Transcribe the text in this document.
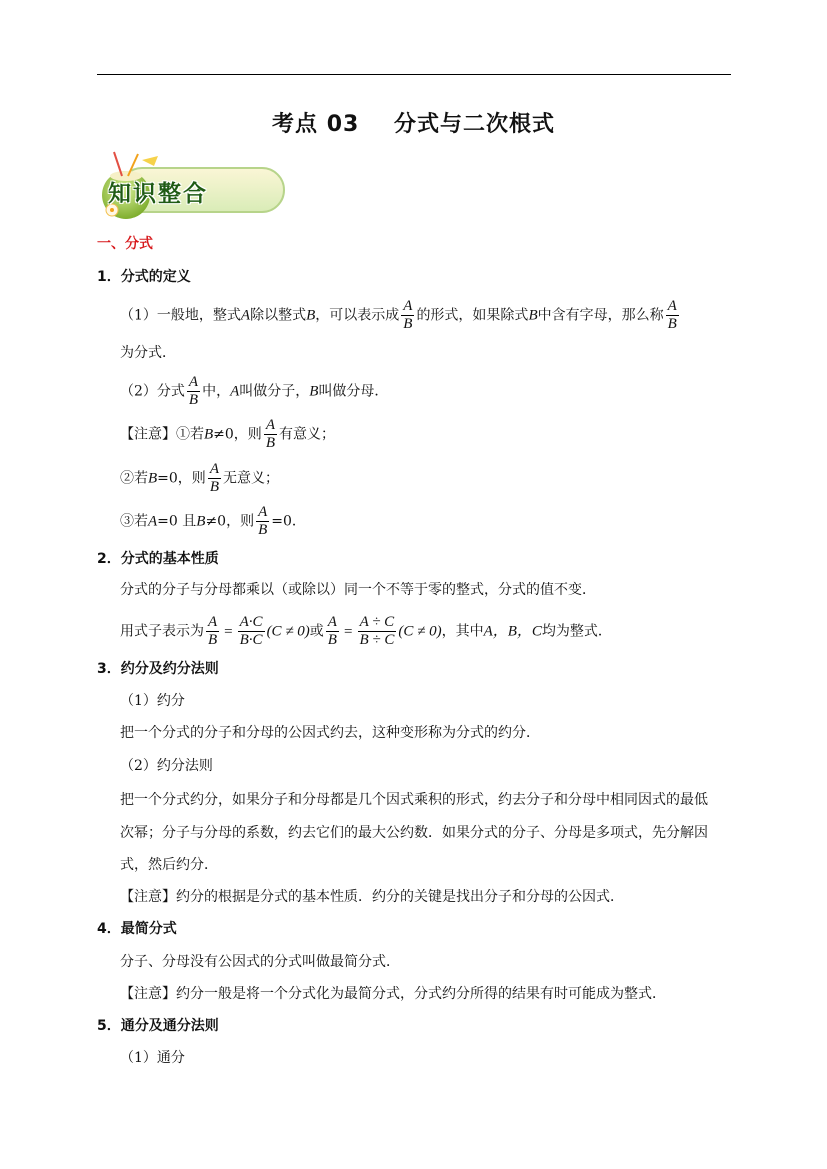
考点 03    分式与二次根式
知识整合
一、分式
1．分式的定义
（1）一般地，整式A除以整式B，可以表示成 $\frac{A}{B}$ 的形式，如果除式B中含有字母，那么称 $\frac{A}{B}$
为分式．
（2）分式 $\frac{A}{B}$ 中，A叫做分子，B叫做分母．
【注意】①若B≠0，则 $\frac{A}{B}$ 有意义；
②若B=0，则 $\frac{A}{B}$ 无意义；
③若A=0 且B≠0，则 $\frac{A}{B} =0$．
2．分式的基本性质
分式的分子与分母都乘以（或除以）同一个不等于零的整式，分式的值不变．
用式子表示为 $\frac{A}{B} = \frac{A\cdot C}{B\cdot C} (C \ne 0)$或 $\frac{A}{B} = \frac{A \div C}{B \div C} (C \ne 0)$，其中A，B，C均为整式．
3．约分及约分法则
（1）约分
把一个分式的分子和分母的公因式约去，这种变形称为分式的约分．
（2）约分法则
把一个分式约分，如果分子和分母都是几个因式乘积的形式，约去分子和分母中相同因式的最低
次幂；分子与分母的系数，约去它们的最大公约数．如果分式的分子、分母是多项式，先分解因
式，然后约分．
【注意】约分的根据是分式的基本性质．约分的关键是找出分子和分母的公因式．
4．最简分式
分子、分母没有公因式的分式叫做最简分式．
【注意】约分一般是将一个分式化为最简分式，分式约分所得的结果有时可能成为整式．
5．通分及通分法则
（1）通分
